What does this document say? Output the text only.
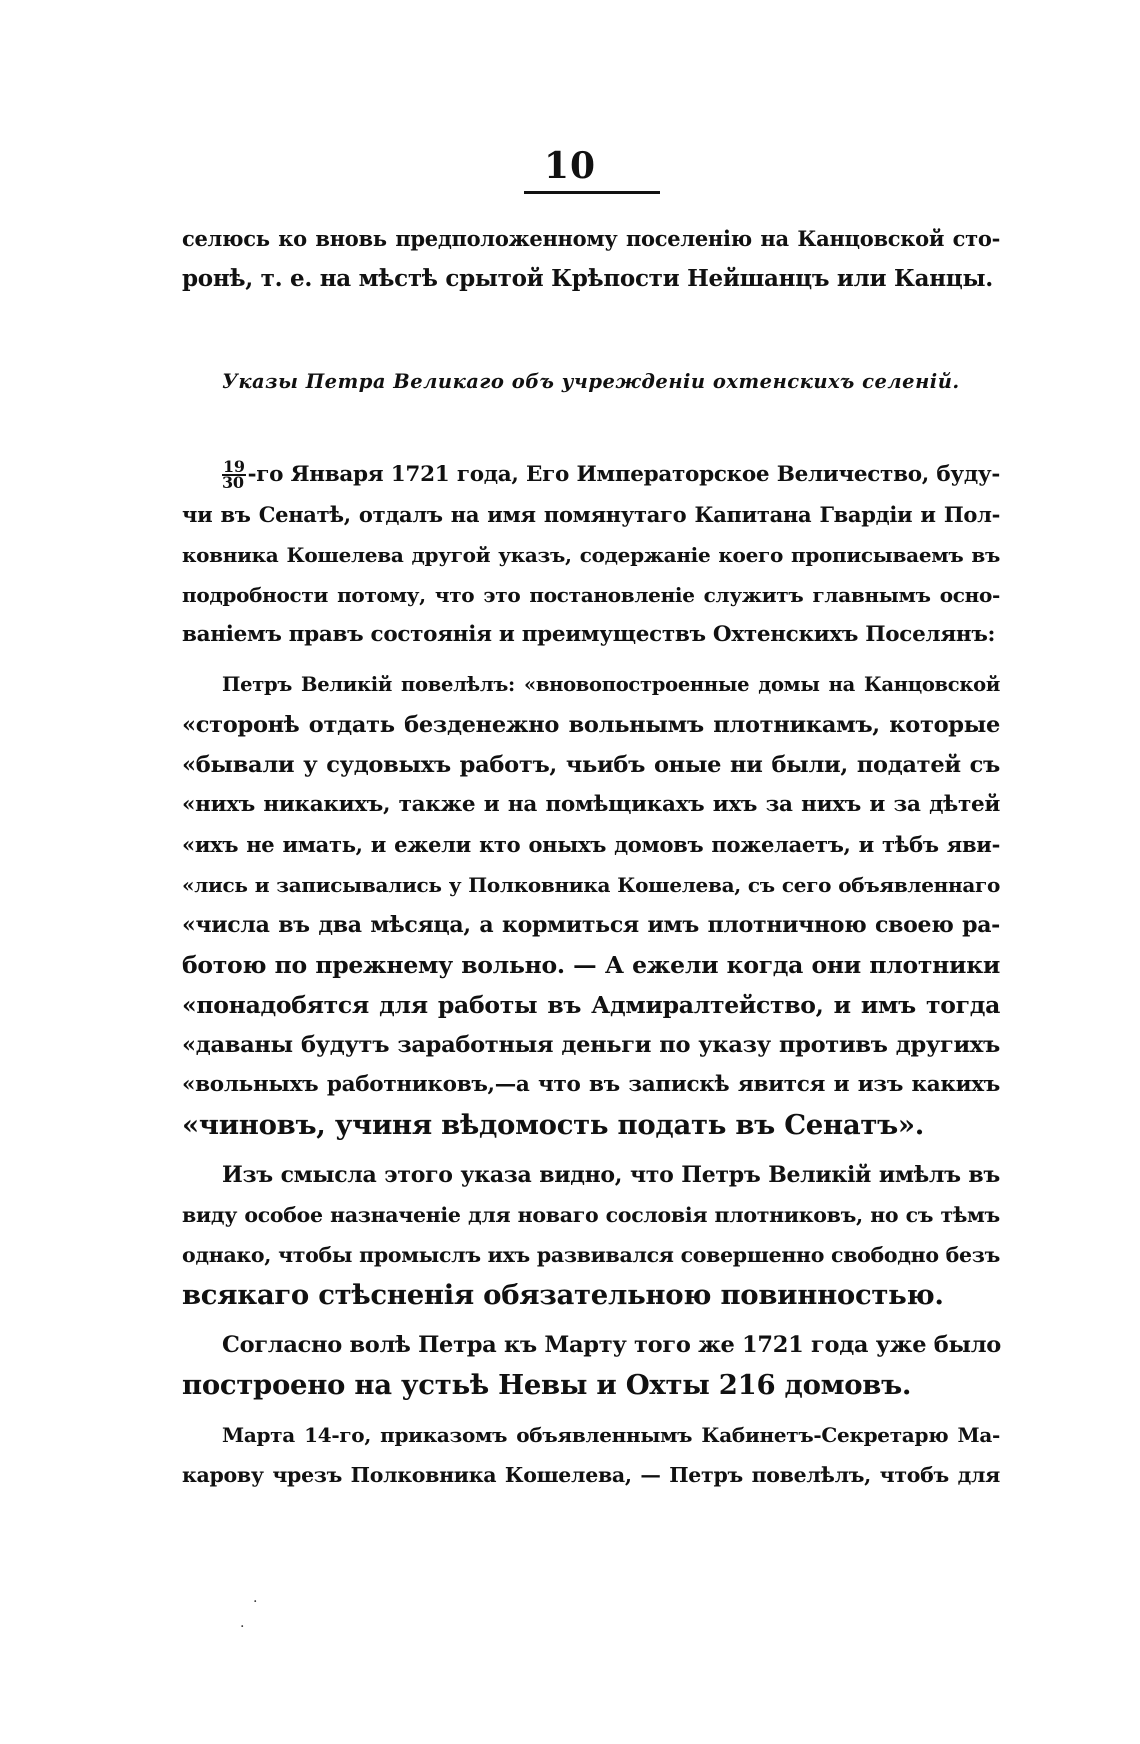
10
селюсь ко вновь предположенному поселенію на Канцовской сто-
ронѣ, т. е. на мѣстѣ срытой Крѣпости Нейшанцъ или Канцы.
Указы Петра Великаго объ учрежденіи охтенскихъ селеній.
$\frac{19}{30} -го$ Января 1721 года, Его Императорское Величество, буду-
чи въ Сенатѣ, отдалъ на имя помянутаго Капитана Гвардіи и Пол-
ковника Кошелева другой указъ, содержаніе коего прописываемъ въ
подробности потому, что это постановленіе служитъ главнымъ осно-
ваніемъ правъ состоянія и преимуществъ Охтенскихъ Поселянъ:
Петръ Великій повелѣлъ: «вновопостроенные домы на Канцовской
«сторонѣ отдать безденежно вольнымъ плотникамъ, которые
«бывали у судовыхъ работъ, чьибъ оные ни были, податей съ
«нихъ никакихъ, также и на помѣщикахъ ихъ за нихъ и за дѣтей
«ихъ не имать, и ежели кто оныхъ домовъ пожелаетъ, и тѣбъ яви-
«лись и записывались у Полковника Кошелева, съ сего объявленнаго
«числа въ два мѣсяца, а кормиться имъ плотничною своею ра-
ботою по прежнему вольно. — А ежели когда они плотники
«понадобятся для работы въ Адмиралтейство, и имъ тогда
«даваны будутъ заработныя деньги по указу противъ другихъ
«вольныхъ работниковъ,—а что въ запискѣ явится и изъ какихъ
«чиновъ, учиня вѣдомость подать въ Сенатъ».
Изъ смысла этого указа видно, что Петръ Великій имѣлъ въ
виду особое назначеніе для новаго сословія плотниковъ, но съ тѣмъ
однако, чтобы промыслъ ихъ развивался совершенно свободно безъ
всякаго стѣсненія обязательною повинностью.
Согласно волѣ Петра къ Марту того же 1721 года уже было
построено на устьѣ Невы и Охты 216 домовъ.
Марта 14-го, приказомъ объявленнымъ Кабинетъ-Секретарю Ма-
карову чрезъ Полковника Кошелева, — Петръ повелѣлъ, чтобъ для
.
.
